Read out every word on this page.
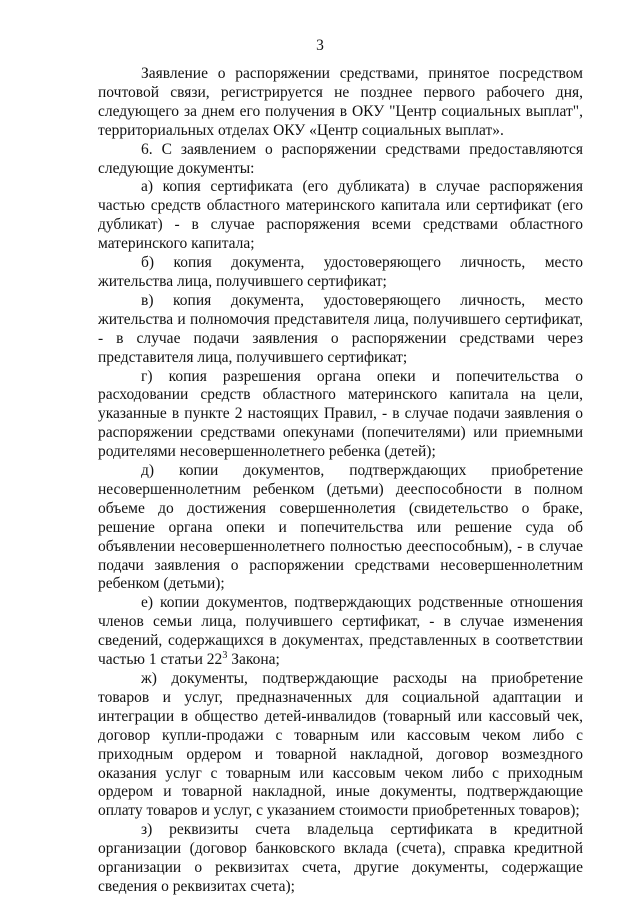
3

Заявление о распоряжении средствами, принятое посредством почтовой связи, регистрируется не позднее первого рабочего дня, следующего за днем его получения в ОКУ "Центр социальных выплат", территориальных отделах ОКУ «Центр социальных выплат».

6. С заявлением о распоряжении средствами предоставляются следующие документы:

а) копия сертификата (его дубликата) в случае распоряжения частью средств областного материнского капитала или сертификат (его дубликат) - в случае распоряжения всеми средствами областного материнского капитала;

б) копия документа, удостоверяющего личность, место жительства лица, получившего сертификат;

в) копия документа, удостоверяющего личность, место жительства и полномочия представителя лица, получившего сертификат, - в случае подачи заявления о распоряжении средствами через представителя лица, получившего сертификат;

г) копия разрешения органа опеки и попечительства о расходовании средств областного материнского капитала на цели, указанные в пункте 2 настоящих Правил, - в случае подачи заявления о распоряжении средствами опекунами (попечителями) или приемными родителями несовершеннолетнего ребенка (детей);

д) копии документов, подтверждающих приобретение несовершеннолетним ребенком (детьми) дееспособности в полном объеме до достижения совершеннолетия (свидетельство о браке, решение органа опеки и попечительства или решение суда об объявлении несовершеннолетнего полностью дееспособным), - в случае подачи заявления о распоряжении средствами несовершеннолетним ребенком (детьми);

е) копии документов, подтверждающих родственные отношения членов семьи лица, получившего сертификат, - в случае изменения сведений, содержащихся в документах, представленных в соответствии частью 1 статьи $22^3$ Закона;

ж) документы, подтверждающие расходы на приобретение товаров и услуг, предназначенных для социальной адаптации и интеграции в общество детей-инвалидов (товарный или кассовый чек, договор купли-продажи с товарным или кассовым чеком либо с приходным ордером и товарной накладной, договор возмездного оказания услуг с товарным или кассовым чеком либо с приходным ордером и товарной накладной, иные документы, подтверждающие оплату товаров и услуг, с указанием стоимости приобретенных товаров);

з) реквизиты счета владельца сертификата в кредитной организации (договор банковского вклада (счета), справка кредитной организации о реквизитах счета, другие документы, содержащие сведения о реквизитах счета);
